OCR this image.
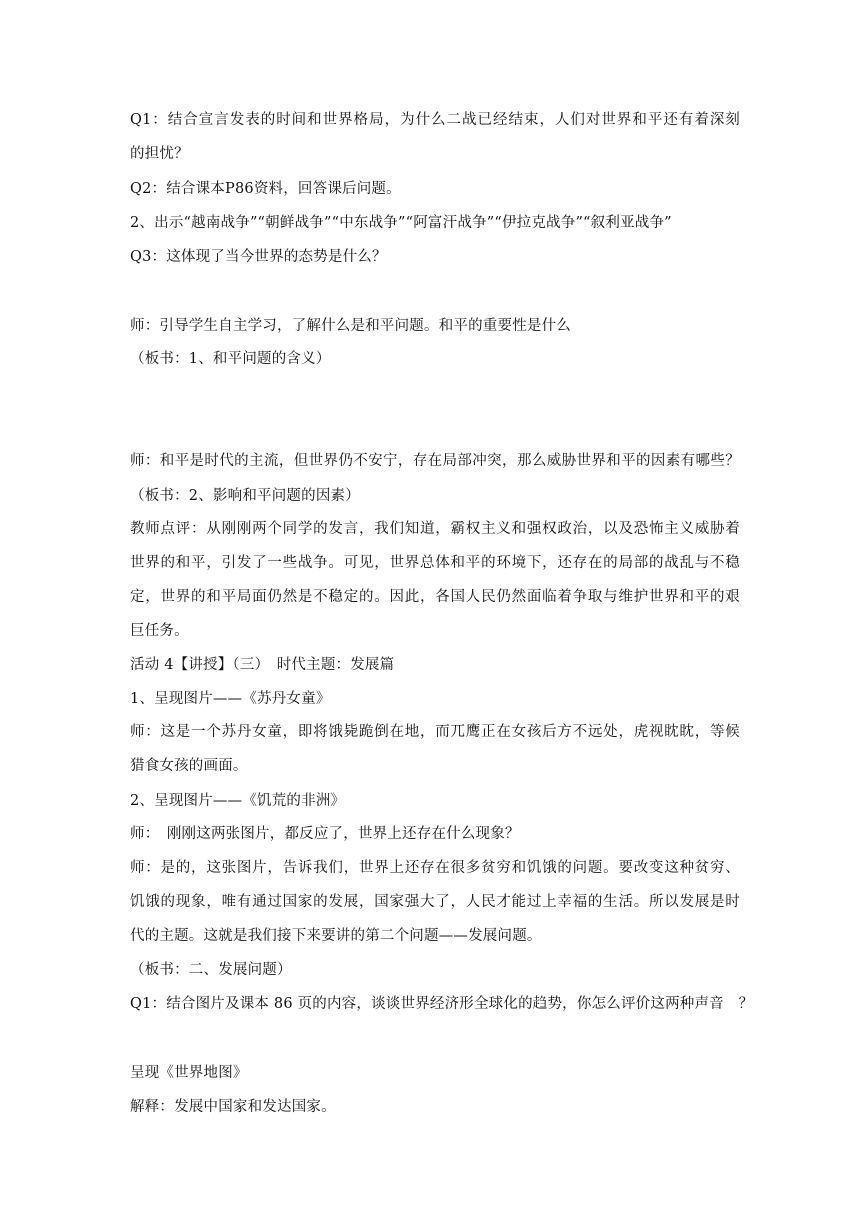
Q1：结合宣言发表的时间和世界格局，为什么二战已经结束，人们对世界和平还有着深刻
的担忧？
Q2：结合课本P86资料，回答课后问题。
2、出示“越南战争”“朝鲜战争”“中东战争”“阿富汗战争”“伊拉克战争”“叙利亚战争”
Q3：这体现了当今世界的态势是什么？
师：引导学生自主学习，了解什么是和平问题。和平的重要性是什么
（板书：1、和平问题的含义）
师：和平是时代的主流，但世界仍不安宁，存在局部冲突，那么威胁世界和平的因素有哪些？
（板书：2、影响和平问题的因素）
教师点评：从刚刚两个同学的发言，我们知道，霸权主义和强权政治，以及恐怖主义威胁着
世界的和平，引发了一些战争。可见，世界总体和平的环境下，还存在的局部的战乱与不稳
定，世界的和平局面仍然是不稳定的。因此，各国人民仍然面临着争取与维护世界和平的艰
巨任务。
活动 4【讲授】（三）　时代主题：发展篇
1、呈现图片——《苏丹女童》
师：这是一个苏丹女童，即将饿毙跪倒在地，而兀鹰正在女孩后方不远处，虎视眈眈，等候
猎食女孩的画面。
2、呈现图片——《饥荒的非洲》
师：　刚刚这两张图片，都反应了，世界上还存在什么现象？
师：是的，这张图片，告诉我们，世界上还存在很多贫穷和饥饿的问题。要改变这种贫穷、
饥饿的现象，唯有通过国家的发展，国家强大了，人民才能过上幸福的生活。所以发展是时
代的主题。这就是我们接下来要讲的第二个问题——发展问题。
（板书：二、发展问题）
Q1：结合图片及课本 86 页的内容，谈谈世界经济形全球化的趋势，你怎么评价这两种声音　？
呈现《世界地图》
解释：发展中国家和发达国家。
